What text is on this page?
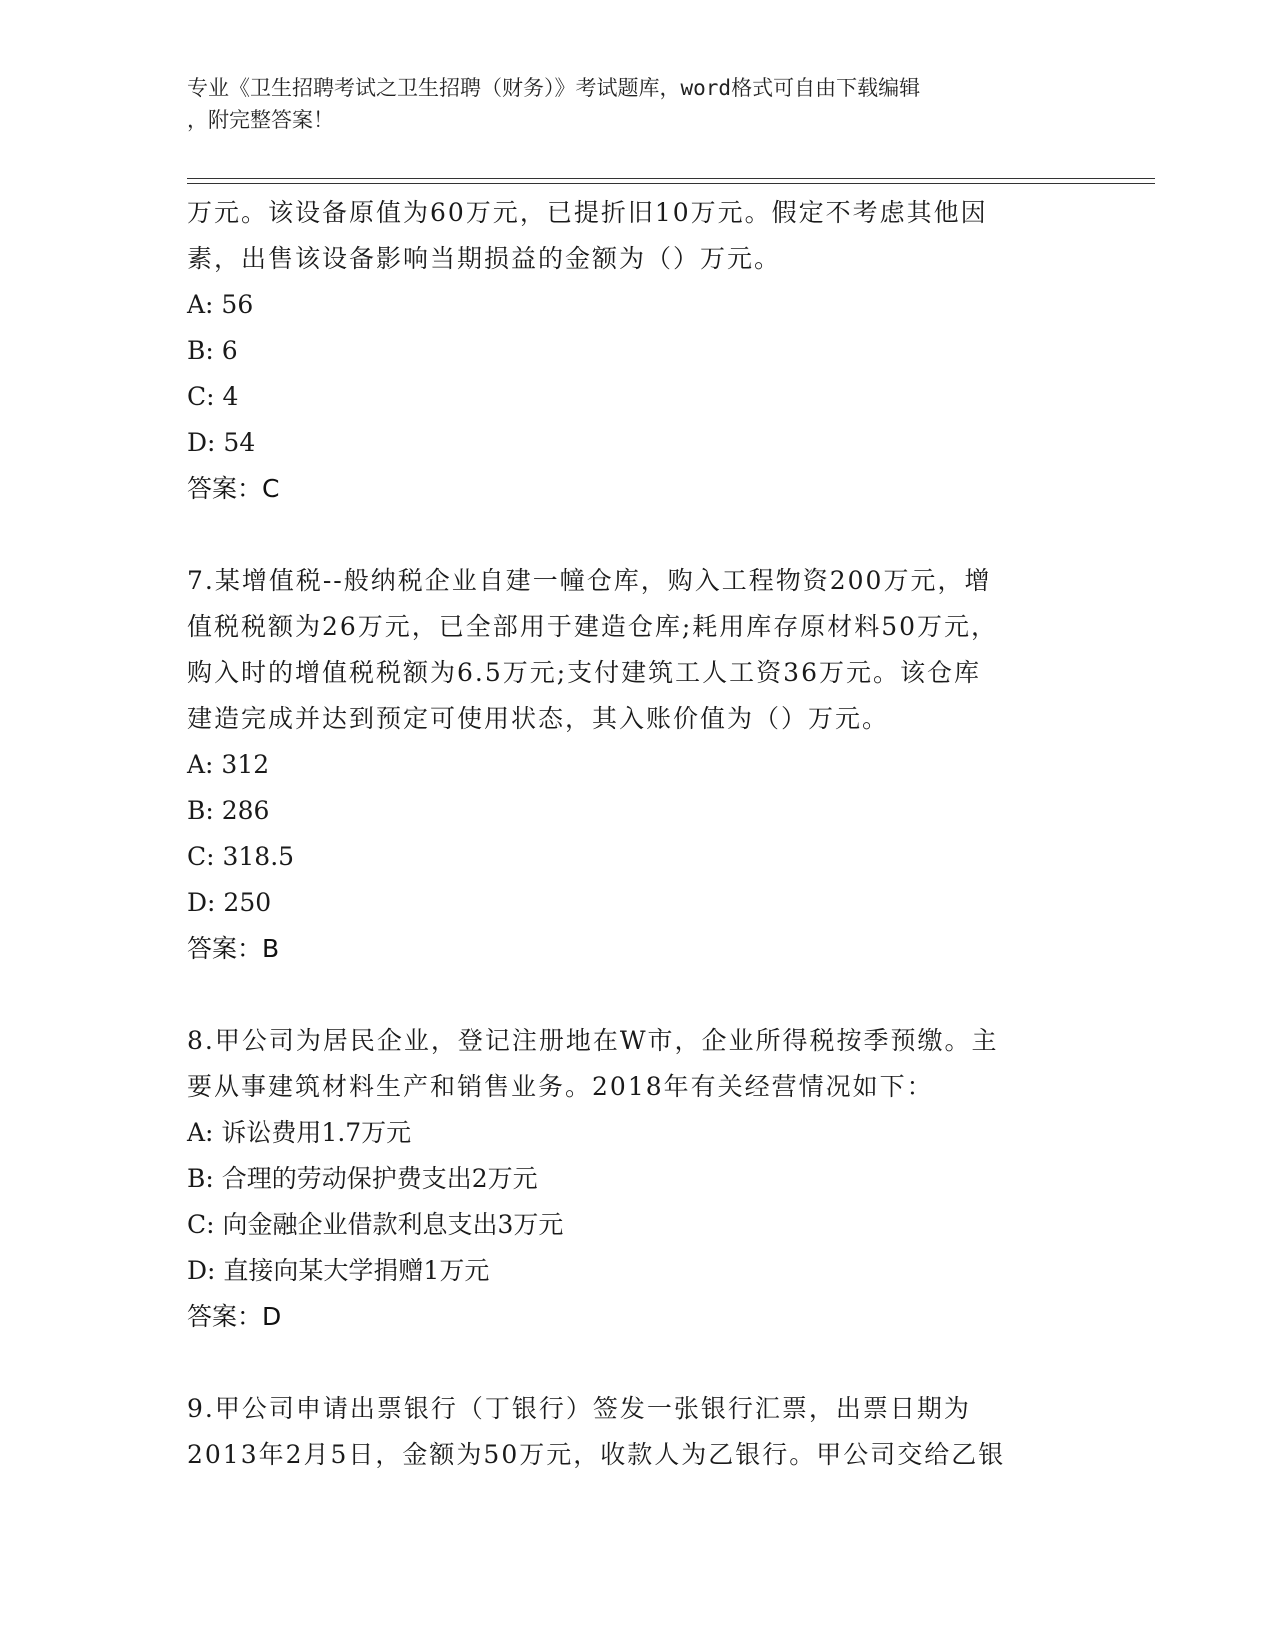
专业《卫生招聘考试之卫生招聘（财务）》考试题库，word格式可自由下载编辑
，附完整答案！
万元。该设备原值为60万元，已提折旧10万元。假定不考虑其他因
素，出售该设备影响当期损益的金额为（）万元。
A: 56
B: 6
C: 4
D: 54
答案：C
7.某增值税--般纳税企业自建一幢仓库，购入工程物资200万元，增
值税税额为26万元，已全部用于建造仓库;耗用库存原材料50万元，
购入时的增值税税额为6.5万元;支付建筑工人工资36万元。该仓库
建造完成并达到预定可使用状态，其入账价值为（）万元。
A: 312
B: 286
C: 318.5
D: 250
答案：B
8.甲公司为居民企业，登记注册地在W市，企业所得税按季预缴。主
要从事建筑材料生产和销售业务。2018年有关经营情况如下：
A: 诉讼费用1.7万元
B: 合理的劳动保护费支出2万元
C: 向金融企业借款利息支出3万元
D: 直接向某大学捐赠1万元
答案：D
9.甲公司申请出票银行（丁银行）签发一张银行汇票，出票日期为
2013年2月5日，金额为50万元，收款人为乙银行。甲公司交给乙银
